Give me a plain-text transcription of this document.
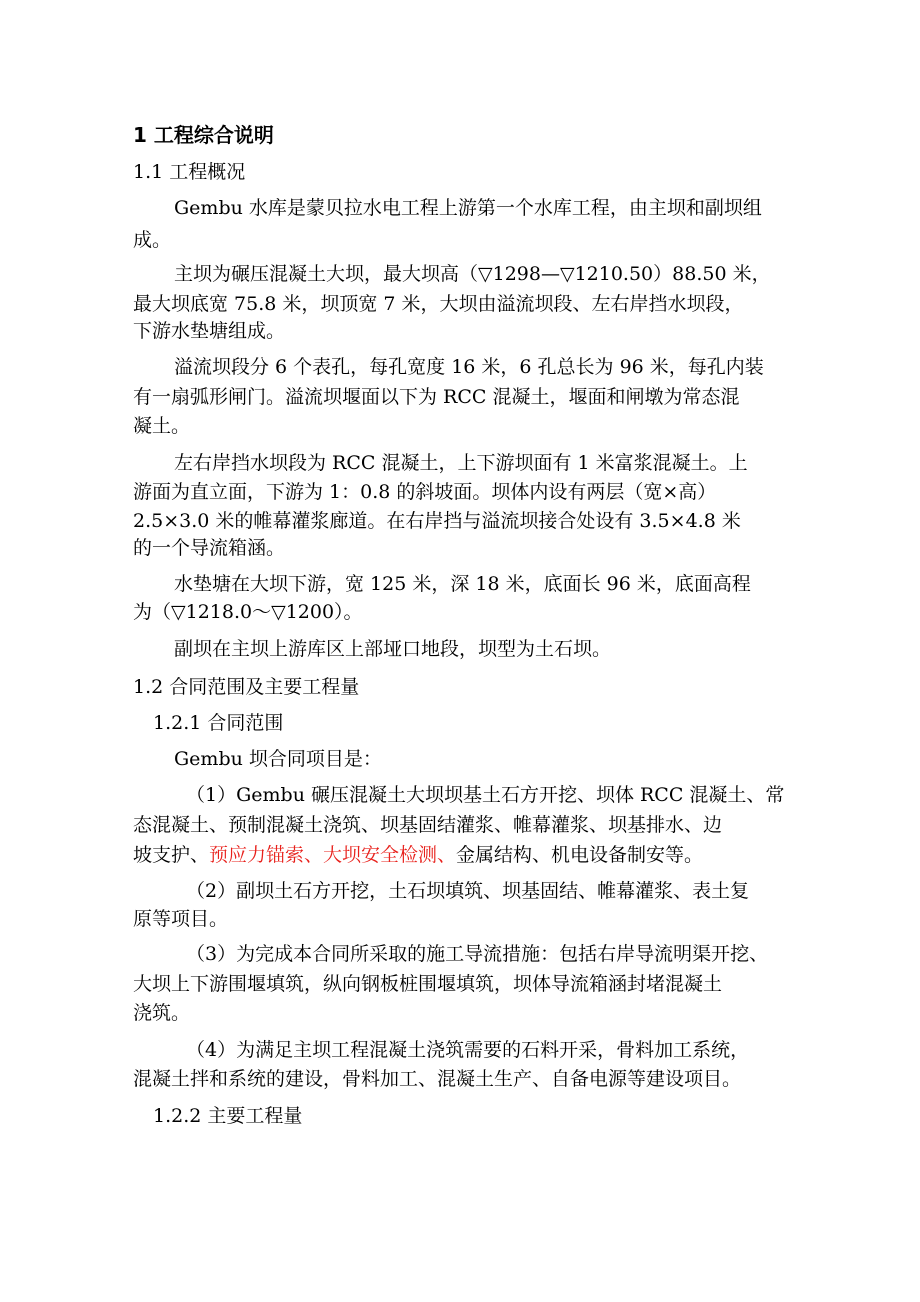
1 工程综合说明
1.1 工程概况
Gembu 水库是蒙贝拉水电工程上游第一个水库工程，由主坝和副坝组
成。
主坝为碾压混凝土大坝，最大坝高（▽1298—▽1210.50）88.50 米，
最大坝底宽 75.8 米，坝顶宽 7 米，大坝由溢流坝段、左右岸挡水坝段，
下游水垫塘组成。
溢流坝段分 6 个表孔，每孔宽度 16 米，6 孔总长为 96 米，每孔内装
有一扇弧形闸门。溢流坝堰面以下为 RCC 混凝土，堰面和闸墩为常态混
凝土。
左右岸挡水坝段为 RCC 混凝土，上下游坝面有 1 米富浆混凝土。上
游面为直立面，下游为 1：0.8 的斜坡面。坝体内设有两层（宽×高）
2.5×3.0 米的帷幕灌浆廊道。在右岸挡与溢流坝接合处设有 3.5×4.8 米
的一个导流箱涵。
水垫塘在大坝下游，宽 125 米，深 18 米，底面长 96 米，底面高程
为（▽1218.0～▽1200）。
副坝在主坝上游库区上部垭口地段，坝型为土石坝。
1.2 合同范围及主要工程量
1.2.1 合同范围
Gembu 坝合同项目是：
（1）Gembu 碾压混凝土大坝坝基土石方开挖、坝体 RCC 混凝土、常
态混凝土、预制混凝土浇筑、坝基固结灌浆、帷幕灌浆、坝基排水、边
坡支护、预应力锚索、大坝安全检测、金属结构、机电设备制安等。
（2）副坝土石方开挖，土石坝填筑、坝基固结、帷幕灌浆、表土复
原等项目。
（3）为完成本合同所采取的施工导流措施：包括右岸导流明渠开挖、
大坝上下游围堰填筑，纵向钢板桩围堰填筑，坝体导流箱涵封堵混凝土
浇筑。
（4）为满足主坝工程混凝土浇筑需要的石料开采，骨料加工系统，
混凝土拌和系统的建设，骨料加工、混凝土生产、自备电源等建设项目。
1.2.2 主要工程量
